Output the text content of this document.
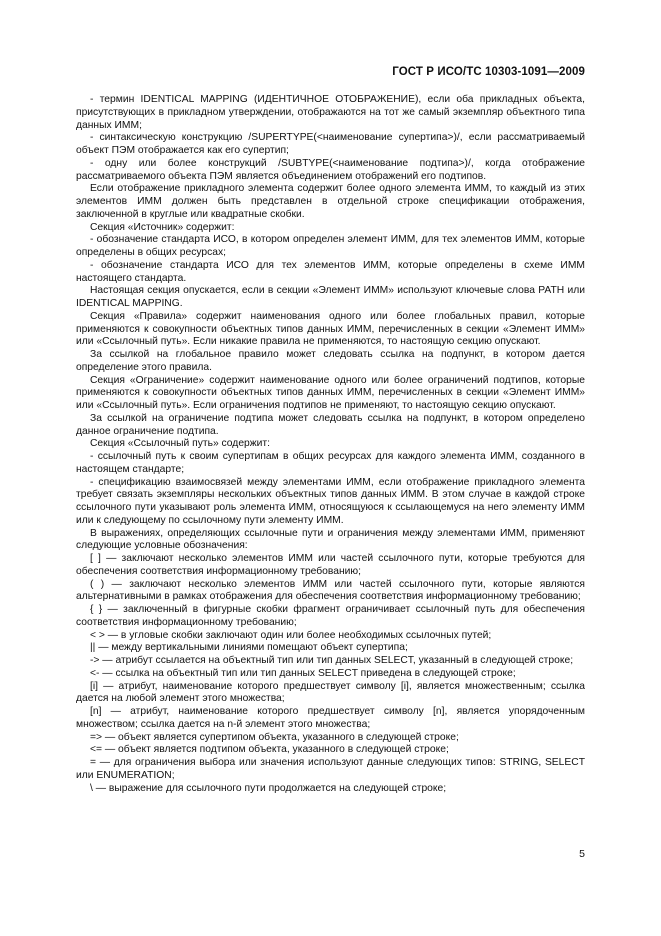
ГОСТ Р ИСО/ТС 10303-1091—2009

- термин IDENTICAL MAPPING (ИДЕНТИЧНОЕ ОТОБРАЖЕНИЕ), если оба прикладных объекта, присутствующих в прикладном утверждении, отображаются на тот же самый экземпляр объектного типа данных ИММ;

- синтаксическую конструкцию /SUPERTYPE(<наименование супертипа>)/, если рассматриваемый объект ПЭМ отображается как его супертип;

- одну или более конструкций /SUBTYPE(<наименование подтипа>)/, когда отображение рассматриваемого объекта ПЭМ является объединением отображений его подтипов.

Если отображение прикладного элемента содержит более одного элемента ИММ, то каждый из этих элементов ИММ должен быть представлен в отдельной строке спецификации отображения, заключенной в круглые или квадратные скобки.

Секция «Источник» содержит:

- обозначение стандарта ИСО, в котором определен элемент ИММ, для тех элементов ИММ, которые определены в общих ресурсах;

- обозначение стандарта ИСО для тех элементов ИММ, которые определены в схеме ИММ настоящего стандарта.

Настоящая секция опускается, если в секции «Элемент ИММ» используют ключевые слова PATH или IDENTICAL MAPPING.

Секция «Правила» содержит наименования одного или более глобальных правил, которые применяются к совокупности объектных типов данных ИММ, перечисленных в секции «Элемент ИММ» или «Ссылочный путь». Если никакие правила не применяются, то настоящую секцию опускают.

За ссылкой на глобальное правило может следовать ссылка на подпункт, в котором дается определение этого правила.

Секция «Ограничение» содержит наименование одного или более ограничений подтипов, которые применяются к совокупности объектных типов данных ИММ, перечисленных в секции «Элемент ИММ» или «Ссылочный путь». Если ограничения подтипов не применяют, то настоящую секцию опускают.

За ссылкой на ограничение подтипа может следовать ссылка на подпункт, в котором определено данное ограничение подтипа.

Секция «Ссылочный путь» содержит:

- ссылочный путь к своим супертипам в общих ресурсах для каждого элемента ИММ, созданного в настоящем стандарте;

- спецификацию взаимосвязей между элементами ИММ, если отображение прикладного элемента требует связать экземпляры нескольких объектных типов данных ИММ. В этом случае в каждой строке ссылочного пути указывают роль элемента ИММ, относящуюся к ссылающемуся на него элементу ИММ или к следующему по ссылочному пути элементу ИММ.

В выражениях, определяющих ссылочные пути и ограничения между элементами ИММ, применяют следующие условные обозначения:

[ ] — заключают несколько элементов ИММ или частей ссылочного пути, которые требуются для обеспечения соответствия информационному требованию;

( ) — заключают несколько элементов ИММ или частей ссылочного пути, которые являются альтернативными в рамках отображения для обеспечения соответствия информационному требованию;

{ } — заключенный в фигурные скобки фрагмент ограничивает ссылочный путь для обеспечения соответствия информационному требованию;

< > — в угловые скобки заключают один или более необходимых ссылочных путей;

|| — между вертикальными линиями помещают объект супертипа;

-> — атрибут ссылается на объектный тип или тип данных SELECT, указанный в следующей строке;

<- — ссылка на объектный тип или тип данных SELECT приведена в следующей строке;

[i] — атрибут, наименование которого предшествует символу [i], является множественным; ссылка дается на любой элемент этого множества;

[n] — атрибут, наименование которого предшествует символу [n], является упорядоченным множеством; ссылка дается на n-й элемент этого множества;

=> — объект является супертипом объекта, указанного в следующей строке;

<= — объект является подтипом объекта, указанного в следующей строке;

= — для ограничения выбора или значения используют данные следующих типов: STRING, SELECT или ENUMERATION;

\ — выражение для ссылочного пути продолжается на следующей строке;

5
